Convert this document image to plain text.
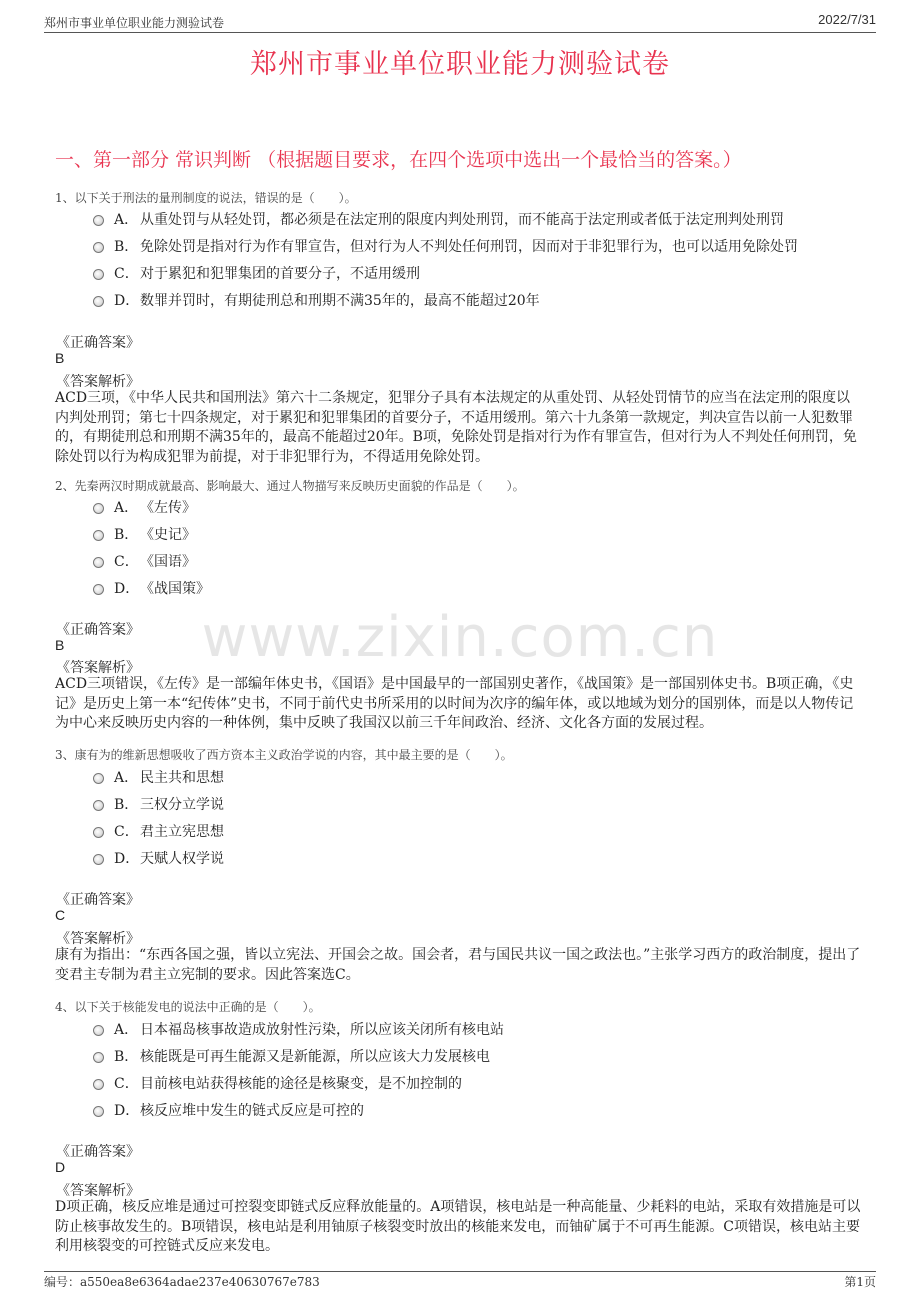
郑州市事业单位职业能力测验试卷	2022/7/31
郑州市事业单位职业能力测验试卷
一、第一部分 常识判断 （根据题目要求，在四个选项中选出一个最恰当的答案。）
www.zixin.com.cn
1、以下关于刑法的量刑制度的说法，错误的是（　　）。
A． 从重处罚与从轻处罚，都必须是在法定刑的限度内判处刑罚，而不能高于法定刑或者低于法定刑判处刑罚
B． 免除处罚是指对行为作有罪宣告，但对行为人不判处任何刑罚，因而对于非犯罪行为，也可以适用免除处罚
C．对于累犯和犯罪集团的首要分子，不适用缓刑
D．数罪并罚时，有期徒刑总和刑期不满35年的，最高不能超过20年
《正确答案》
B
《答案解析》
ACD三项，《中华人民共和国刑法》第六十二条规定，犯罪分子具有本法规定的从重处罚、从轻处罚情节的应当在法定刑的限度以内判处刑罚；第七十四条规定，对于累犯和犯罪集团的首要分子，不适用缓刑。第六十九条第一款规定，判决宣告以前一人犯数罪的，有期徒刑总和刑期不满35年的，最高不能超过20年。B项，免除处罚是指对行为作有罪宣告，但对行为人不判处任何刑罚，免除处罚以行为构成犯罪为前提，对于非犯罪行为，不得适用免除处罚。
2、先秦两汉时期成就最高、影响最大、通过人物描写来反映历史面貌的作品是（　　）。
A． 《左传》
B． 《史记》
C．《国语》
D．《战国策》
《正确答案》
B
《答案解析》
ACD三项错误，《左传》是一部编年体史书，《国语》是中国最早的一部国别史著作，《战国策》是一部国别体史书。B项正确，《史记》是历史上第一本“纪传体”史书，不同于前代史书所采用的以时间为次序的编年体，或以地域为划分的国别体，而是以人物传记为中心来反映历史内容的一种体例，集中反映了我国汉以前三千年间政治、经济、文化各方面的发展过程。
3、康有为的维新思想吸收了西方资本主义政治学说的内容，其中最主要的是（　　）。
A． 民主共和思想
B． 三权分立学说
C．君主立宪思想
D．天赋人权学说
《正确答案》
C
《答案解析》
康有为指出：“东西各国之强，皆以立宪法、开国会之故。国会者，君与国民共议一国之政法也。”主张学习西方的政治制度，提出了变君主专制为君主立宪制的要求。因此答案选C。
4、以下关于核能发电的说法中正确的是（　　）。
A． 日本福岛核事故造成放射性污染，所以应该关闭所有核电站
B． 核能既是可再生能源又是新能源，所以应该大力发展核电
C．目前核电站获得核能的途径是核聚变，是不加控制的
D．核反应堆中发生的链式反应是可控的
《正确答案》
D
《答案解析》
D项正确，核反应堆是通过可控裂变即链式反应释放能量的。A项错误，核电站是一种高能量、少耗料的电站，采取有效措施是可以防止核事故发生的。B项错误，核电站是利用铀原子核裂变时放出的核能来发电，而铀矿属于不可再生能源。C项错误，核电站主要利用核裂变的可控链式反应来发电。
编号：a550ea8e6364adae237e40630767e783	第1页
